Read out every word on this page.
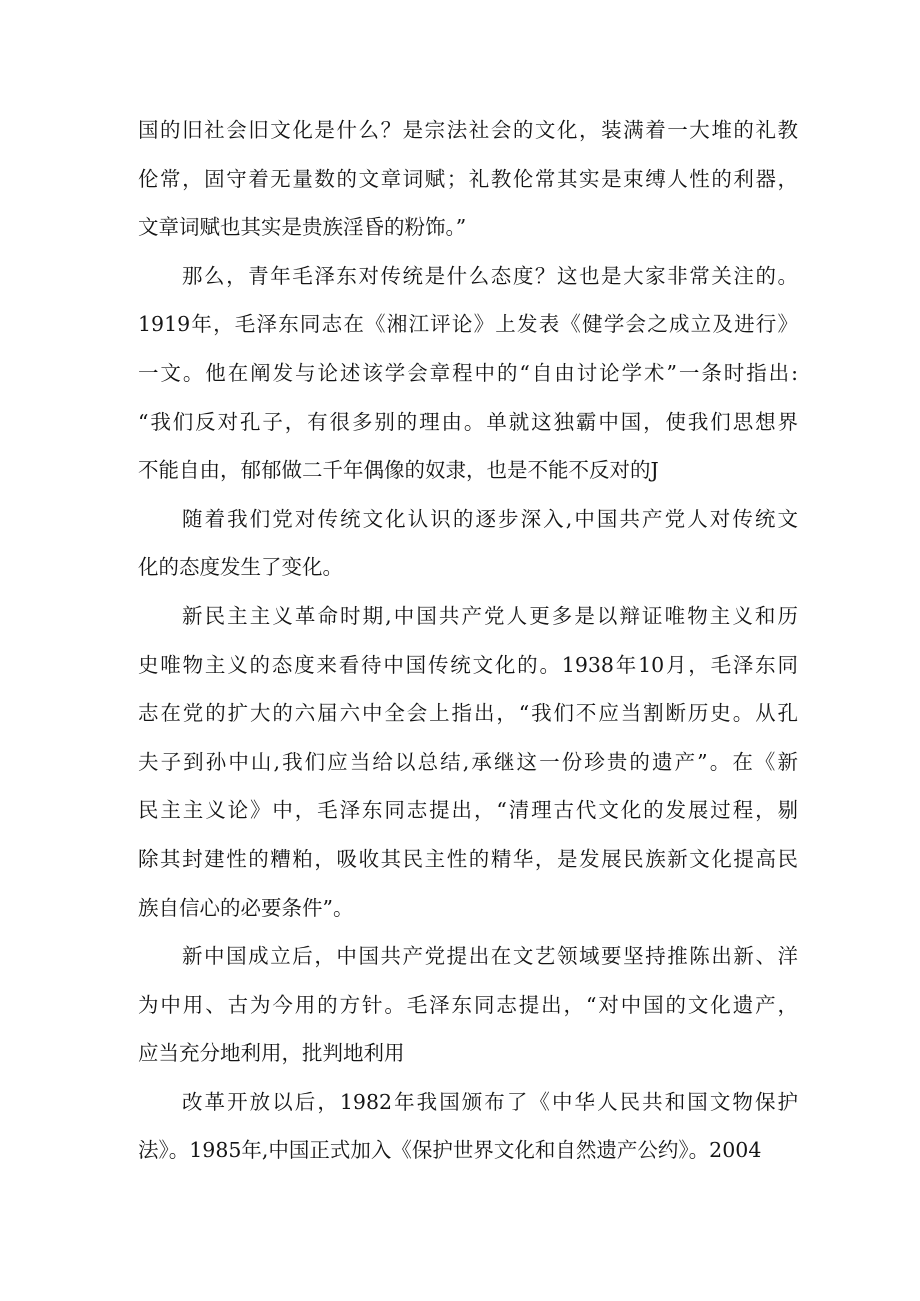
国的旧社会旧文化是什么？是宗法社会的文化，装满着一大堆的礼教
伦常，固守着无量数的文章词赋；礼教伦常其实是束缚人性的利器，
文章词赋也其实是贵族淫昏的粉饰。”
那么，青年毛泽东对传统是什么态度？这也是大家非常关注的。
1919年，毛泽东同志在《湘江评论》上发表《健学会之成立及进行》
一文。他在阐发与论述该学会章程中的“自由讨论学术”一条时指出:
“我们反对孔子，有很多别的理由。单就这独霸中国，使我们思想界
不能自由，郁郁做二千年偶像的奴隶，也是不能不反对的J
随着我们党对传统文化认识的逐步深入,中国共产党人对传统文
化的态度发生了变化。
新民主主义革命时期,中国共产党人更多是以辩证唯物主义和历
史唯物主义的态度来看待中国传统文化的。1938年10月，毛泽东同
志在党的扩大的六届六中全会上指出，“我们不应当割断历史。从孔
夫子到孙中山,我们应当给以总结,承继这一份珍贵的遗产”。在《新
民主主义论》中，毛泽东同志提出，“清理古代文化的发展过程，剔
除其封建性的糟粕，吸收其民主性的精华，是发展民族新文化提高民
族自信心的必要条件”。
新中国成立后，中国共产党提出在文艺领域要坚持推陈出新、洋
为中用、古为今用的方针。毛泽东同志提出，“对中国的文化遗产，
应当充分地利用，批判地利用
改革开放以后，1982年我国颁布了《中华人民共和国文物保护
法》。1985年,中国正式加入《保护世界文化和自然遗产公约》。2004
